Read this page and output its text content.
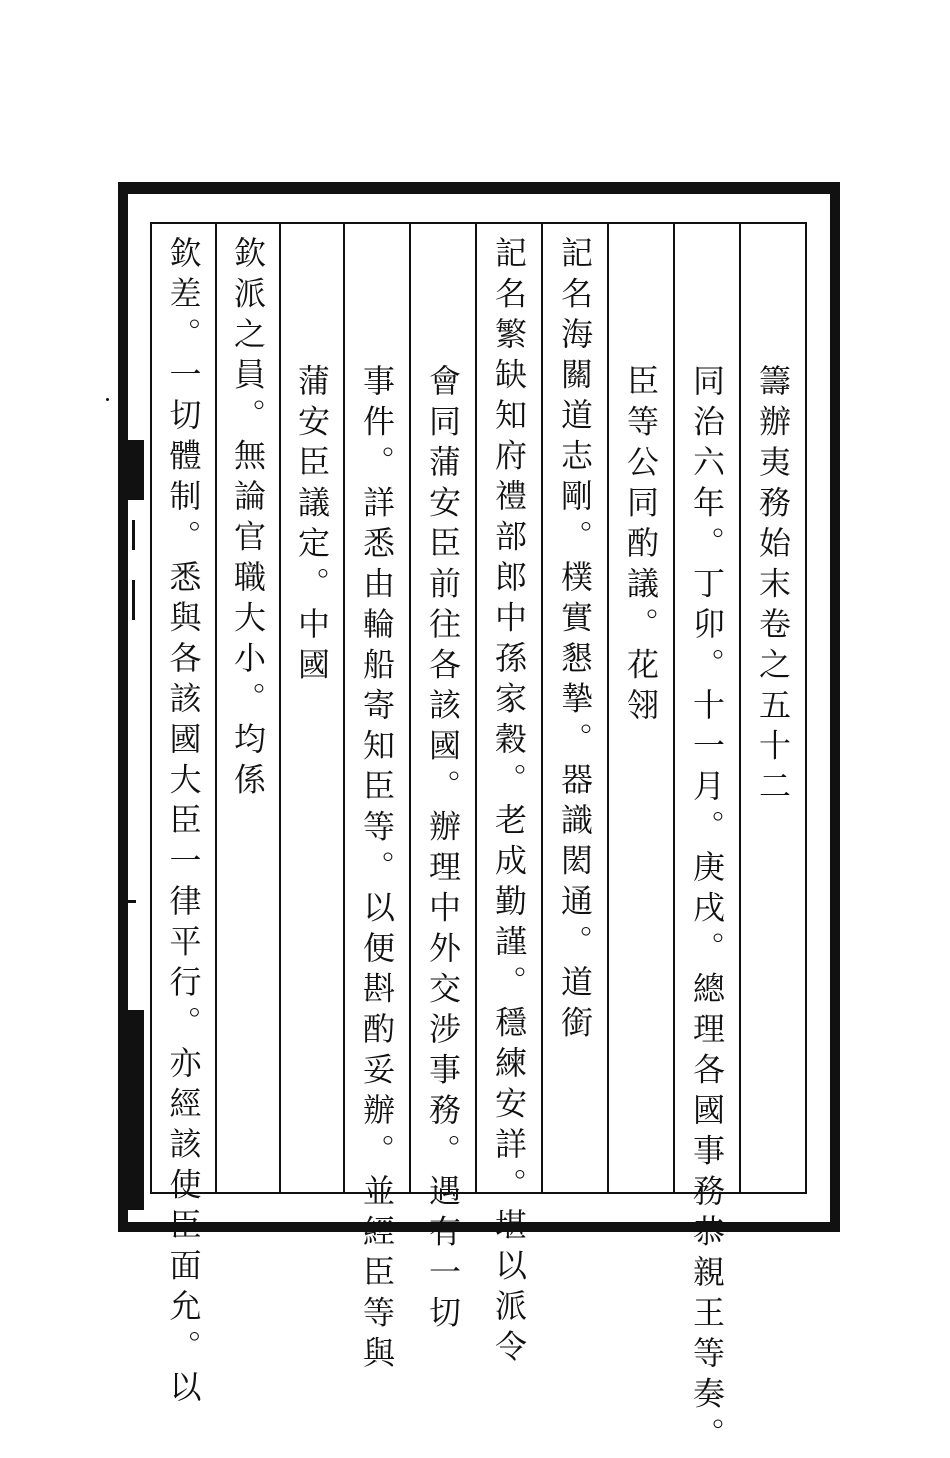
籌辦夷務始末卷之五十二
同治六年。丁卯。十一月。庚戌。總理各國事務恭親王等奏。
臣等公同酌議。花翎
記名海關道志剛。樸實懇摯。器識閎通。道銜
記名繁缺知府禮部郎中孫家穀。老成勤謹。穩練安詳。堪以派令
會同蒲安臣前往各該國。辦理中外交涉事務。遇有一切
事件。詳悉由輪船寄知臣等。以便斟酌妥辦。並經臣等與
蒲安臣議定。中國
欽派之員。無論官職大小。均係
欽差。一切體制。悉與各該國大臣一律平行。亦經該使臣面允。以
